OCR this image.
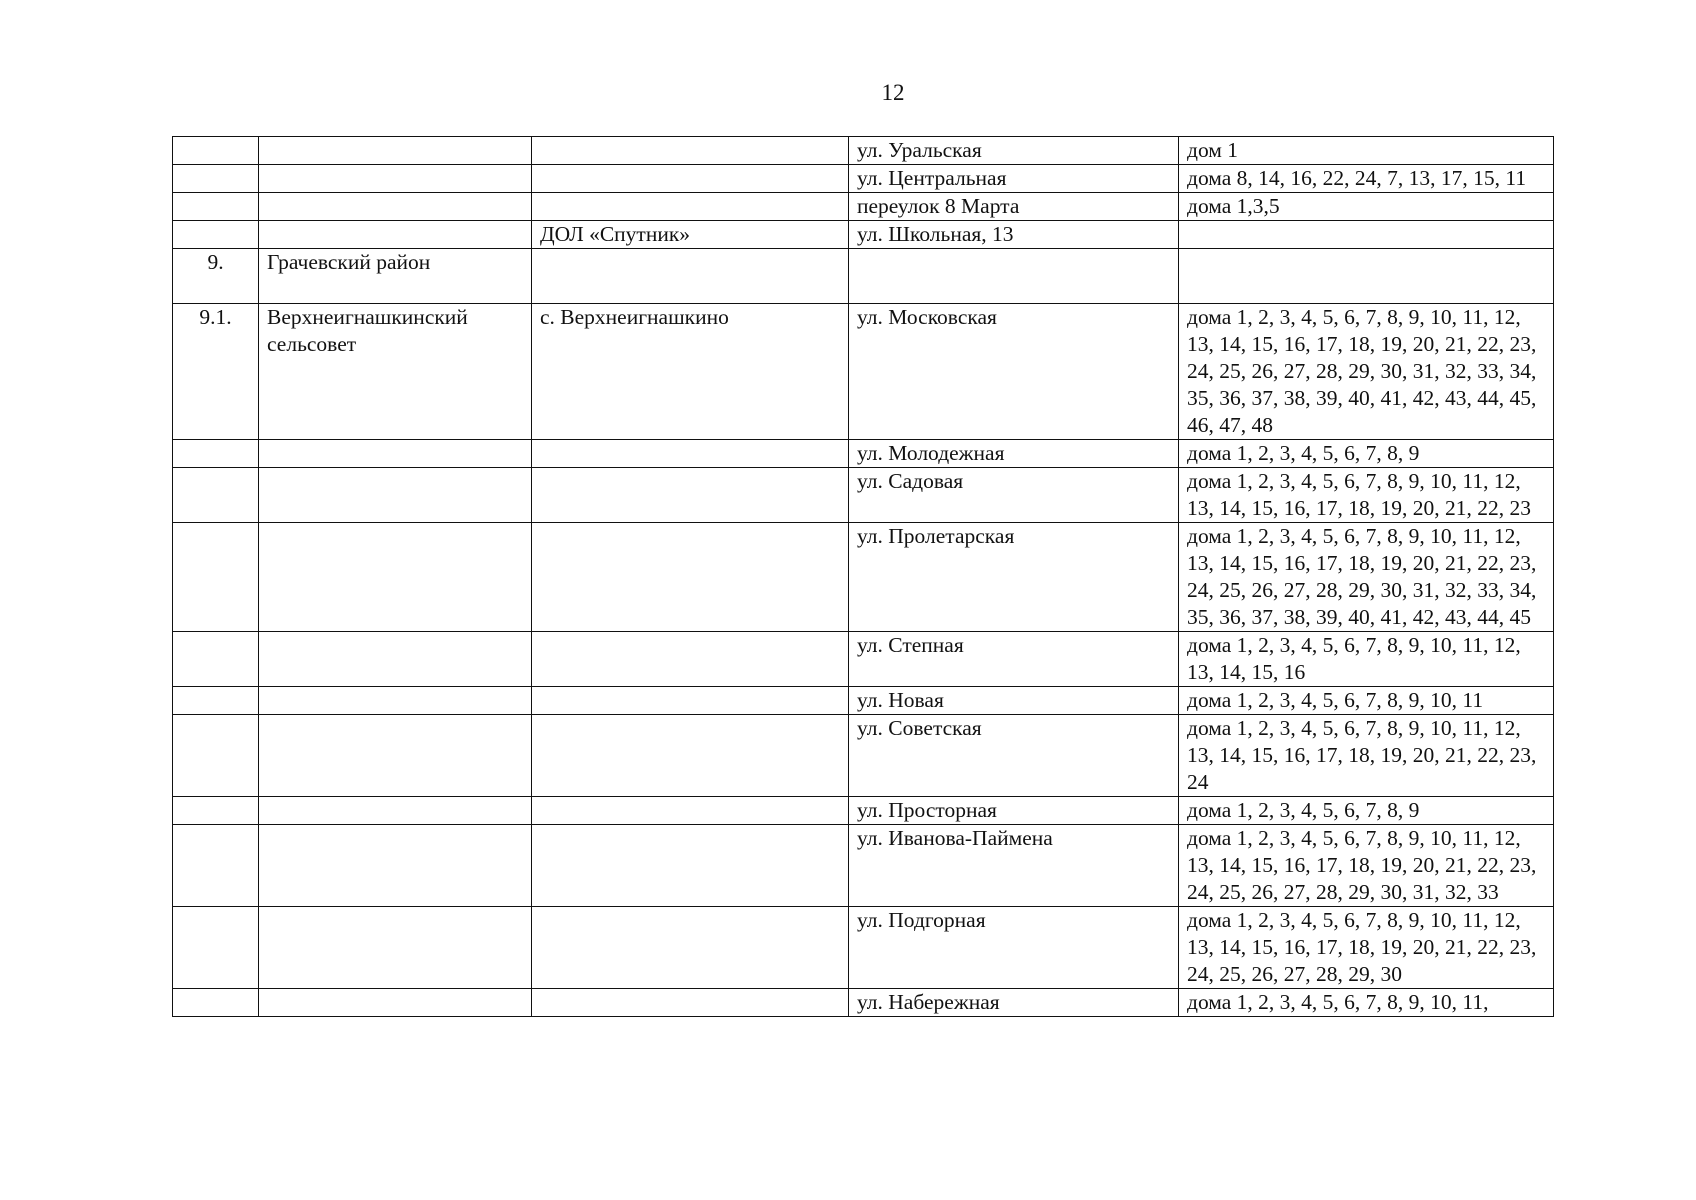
12
			ул. Уральская	дом 1
			ул. Центральная	дома 8, 14, 16, 22, 24, 7, 13, 17, 15, 11
			переулок 8 Марта	дома 1,3,5
		ДОЛ «Спутник»	ул. Школьная, 13	
9.	Грачевский район			
9.1.	Верхнеигнашкинский сельсовет	с. Верхнеигнашкино	ул. Московская	дома 1, 2, 3, 4, 5, 6, 7, 8, 9, 10, 11, 12, 13, 14, 15, 16, 17, 18, 19, 20, 21, 22, 23, 24, 25, 26, 27, 28, 29, 30, 31, 32, 33, 34, 35, 36, 37, 38, 39, 40, 41, 42, 43, 44, 45, 46, 47, 48
			ул. Молодежная	дома 1, 2, 3, 4, 5, 6, 7, 8, 9
			ул. Садовая	дома 1, 2, 3, 4, 5, 6, 7, 8, 9, 10, 11, 12, 13, 14, 15, 16, 17, 18, 19, 20, 21, 22, 23
			ул. Пролетарская	дома 1, 2, 3, 4, 5, 6, 7, 8, 9, 10, 11, 12, 13, 14, 15, 16, 17, 18, 19, 20, 21, 22, 23, 24, 25, 26, 27, 28, 29, 30, 31, 32, 33, 34, 35, 36, 37, 38, 39, 40, 41, 42, 43, 44, 45
			ул. Степная	дома 1, 2, 3, 4, 5, 6, 7, 8, 9, 10, 11, 12, 13, 14, 15, 16
			ул. Новая	дома 1, 2, 3, 4, 5, 6, 7, 8, 9, 10, 11
			ул. Советская	дома 1, 2, 3, 4, 5, 6, 7, 8, 9, 10, 11, 12, 13, 14, 15, 16, 17, 18, 19, 20, 21, 22, 23, 24
			ул. Просторная	дома 1, 2, 3, 4, 5, 6, 7, 8, 9
			ул. Иванова-Паймена	дома 1, 2, 3, 4, 5, 6, 7, 8, 9, 10, 11, 12, 13, 14, 15, 16, 17, 18, 19, 20, 21, 22, 23, 24, 25, 26, 27, 28, 29, 30, 31, 32, 33
			ул. Подгорная	дома 1, 2, 3, 4, 5, 6, 7, 8, 9, 10, 11, 12, 13, 14, 15, 16, 17, 18, 19, 20, 21, 22, 23, 24, 25, 26, 27, 28, 29, 30
			ул. Набережная	дома 1, 2, 3, 4, 5, 6, 7, 8, 9, 10, 11,
